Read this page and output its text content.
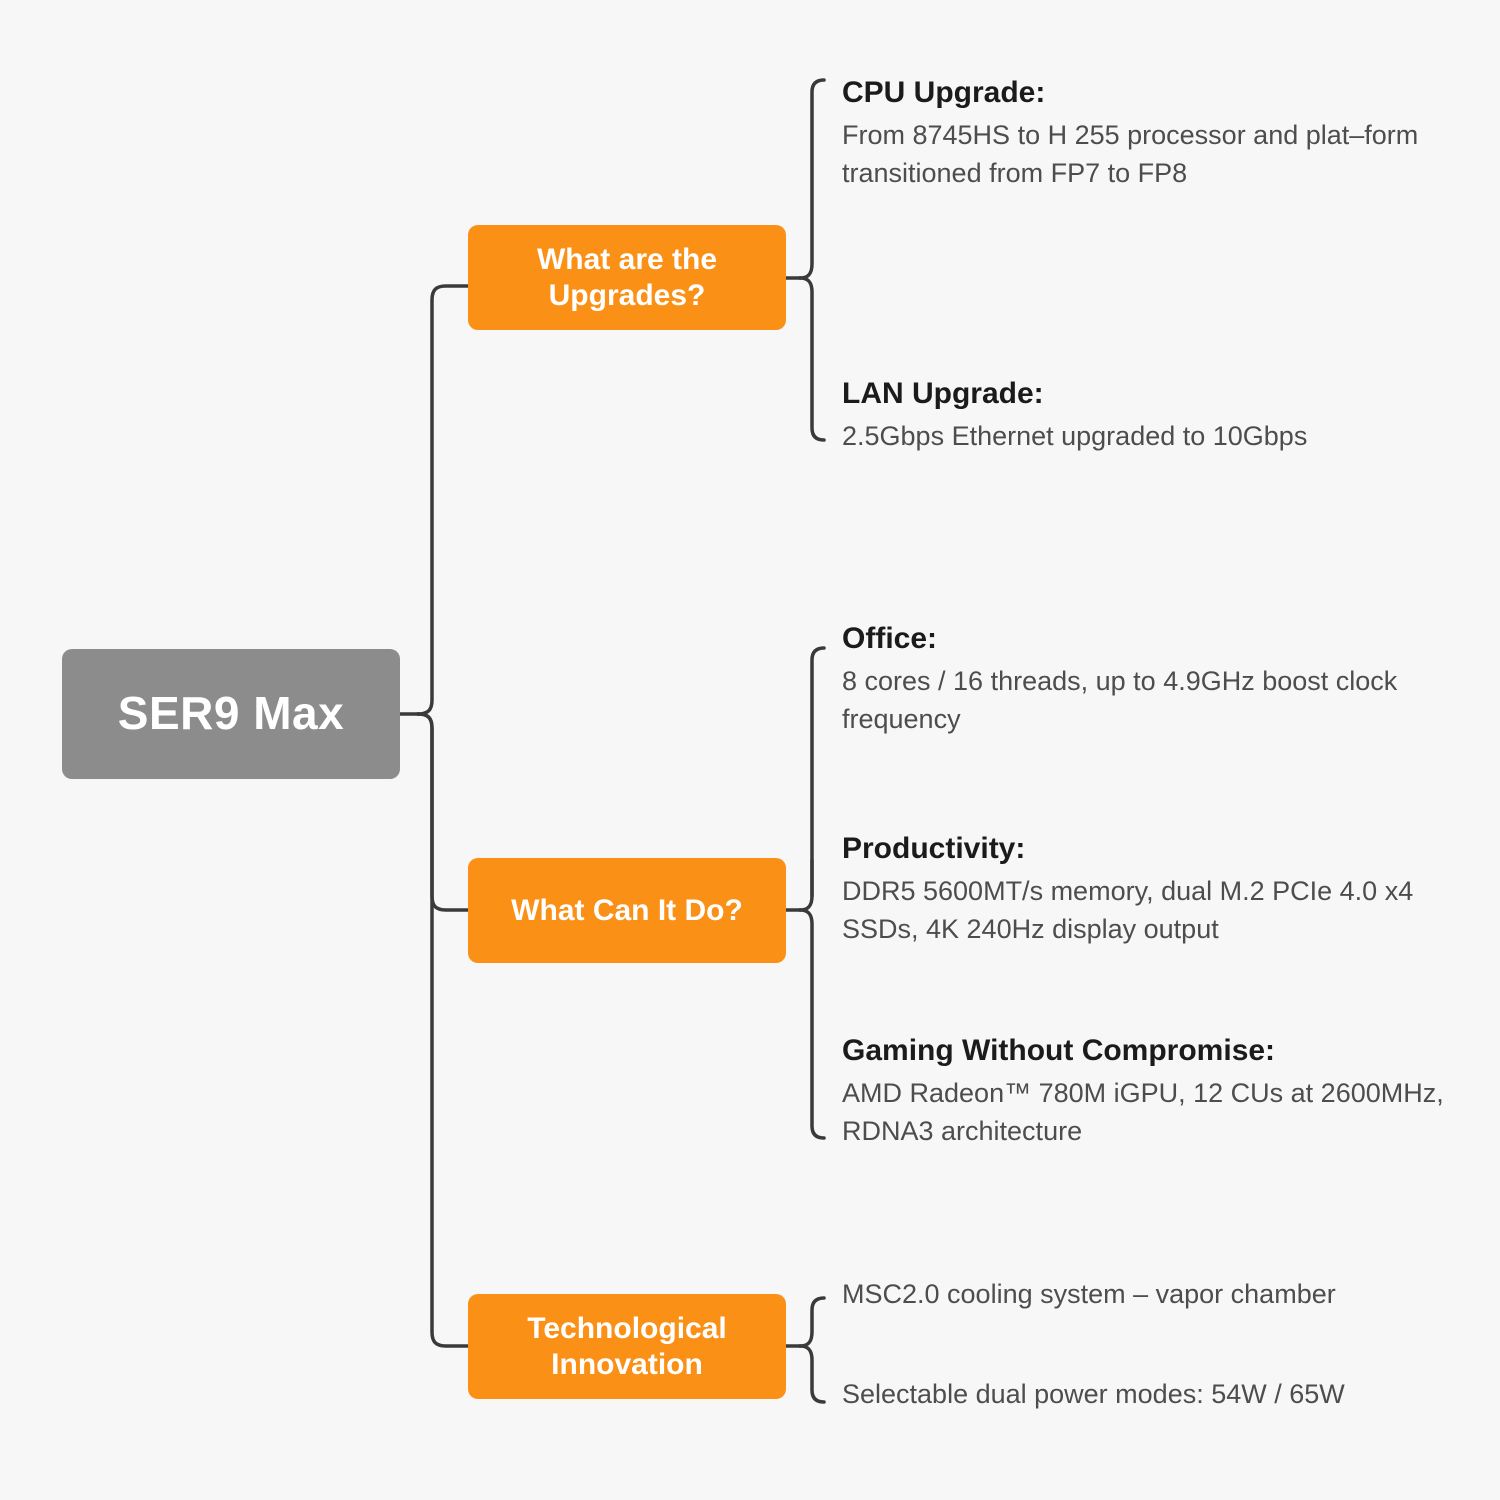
SER9 Max
What are the Upgrades?
What Can It Do?
Technological Innovation
CPU Upgrade:
From 8745HS to H 255 processor and plat–form transitioned from FP7 to FP8
LAN Upgrade:
2.5Gbps Ethernet upgraded to 10Gbps
Office:
8 cores / 16 threads, up to 4.9GHz boost clock frequency
Productivity:
DDR5 5600MT/s memory, dual M.2 PCIe 4.0 x4 SSDs, 4K 240Hz display output
Gaming Without Compromise:
AMD Radeon™ 780M iGPU, 12 CUs at 2600MHz, RDNA3 architecture
MSC2.0 cooling system – vapor chamber
Selectable dual power modes: 54W / 65W
